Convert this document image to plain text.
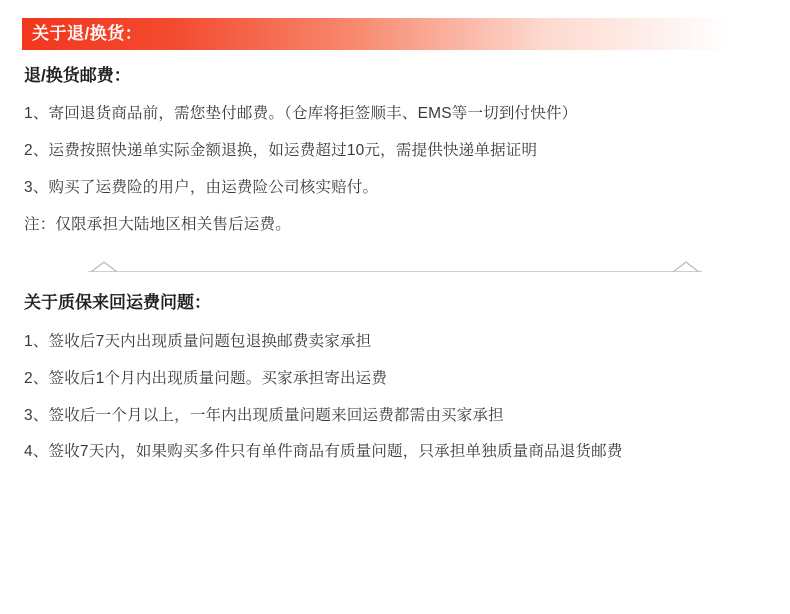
关于退/换货：
退/换货邮费：

1、寄回退货商品前，需您垫付邮费。（仓库将拒签顺丰、EMS等一切到付快件）

2、运费按照快递单实际金额退换，如运费超过10元，需提供快递单据证明

3、购买了运费险的用户，由运费险公司核实赔付。

注：仅限承担大陆地区相关售后运费。

关于质保来回运费问题：

1、签收后7天内出现质量问题包退换邮费卖家承担

2、签收后1个月内出现质量问题。买家承担寄出运费

3、签收后一个月以上，一年内出现质量问题来回运费都需由买家承担

4、签收7天内，如果购买多件只有单件商品有质量问题，只承担单独质量商品退货邮费
